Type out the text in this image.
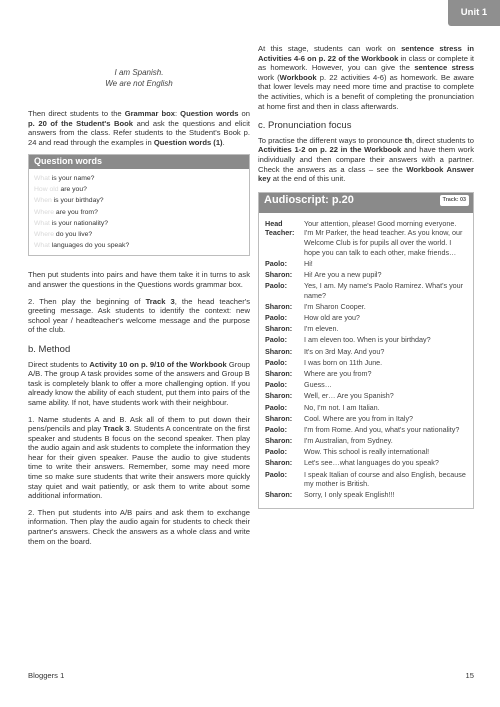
Unit 1
I am Spanish.
We are not English

Then direct students to the Grammar box: Question words on p. 20 of the Student's Book and ask the questions and elicit answers from the class. Refer students to the Student's Book p. 24 and read through the examples in Question words (1).

Question words
What is your name?
How old are you?
When is your birthday?
Where are you from?
What is your nationality?
Where do you live?
What languages do you speak?

Then put students into pairs and have them take it in turns to ask and answer the questions in the Questions words grammar box.

2. Then play the beginning of Track 3, the head teacher's greeting message. Ask students to identify the context: new school year / headteacher's welcome message and the purpose of the club.

b. Method

Direct students to Activity 10 on p. 9/10 of the Workbook Group A/B. The group A task provides some of the answers and Group B task is completely blank to offer a more challenging option. If you already know the ability of each student, put them into pairs of the same ability. If not, have students work with their neighbour.

1. Name students A and B. Ask all of them to put down their pens/pencils and play Track 3. Students A concentrate on the first speaker and students B focus on the second speaker. Then play the audio again and ask students to complete the information they hear for their given speaker. Pause the audio to give students time to write their answers. Remember, some may need more time so make sure students that write their answers more quickly stay quiet and wait patiently, or ask them to write about some additional information.

2. Then put students into A/B pairs and ask them to exchange information. Then play the audio again for students to check their partner's answers. Check the answers as a whole class and write them on the board.

At this stage, students can work on sentence stress in Activities 4-6 on p. 22 of the Workbook in class or complete it as homework. However, you can give the sentence stress work (Workbook p. 22 activities 4-6) as homework. Be aware that lower levels may need more time and practise to complete the activities, which is a benefit of completing the pronunciation at home first and then in class afterwards.

c. Pronunciation focus

To practise the different ways to pronounce th, direct students to Activities 1-2 on p. 22 in the Workbook and have them work individually and then compare their answers with a partner. Check the answers as a class – see the Workbook Answer key at the end of this unit.

Audioscript: p.20	Track: 03
Head Teacher:
Your attention, please! Good morning everyone. I'm Mr Parker, the head teacher. As you know, our Welcome Club is for pupils all over the world. I hope you can talk to each other, make friends…
Paolo:	Hi!
Sharon:	Hi! Are you a new pupil?
Paolo:	Yes, I am. My name's Paolo Ramirez. What's your name?
Sharon:	I'm Sharon Cooper.
Paolo:	How old are you?
Sharon:	I'm eleven.
Paolo:	I am eleven too. When is your birthday?
Sharon:	It's on 3rd May. And you?
Paolo:	I was born on 11th June.
Sharon:	Where are you from?
Paolo:	Guess…
Sharon:	Well, er… Are you Spanish?
Paolo:	No, I'm not. I am Italian.
Sharon:	Cool. Where are you from in Italy?
Paolo:	I'm from Rome. And you, what's your nationality?
Sharon:	I'm Australian, from Sydney.
Paolo:	Wow. This school is really international!
Sharon:	Let's see…what languages do you speak?
Paolo:	I speak Italian of course and also English, because my mother is British.
Sharon:	Sorry, I only speak English!!!
Bloggers 1	15
